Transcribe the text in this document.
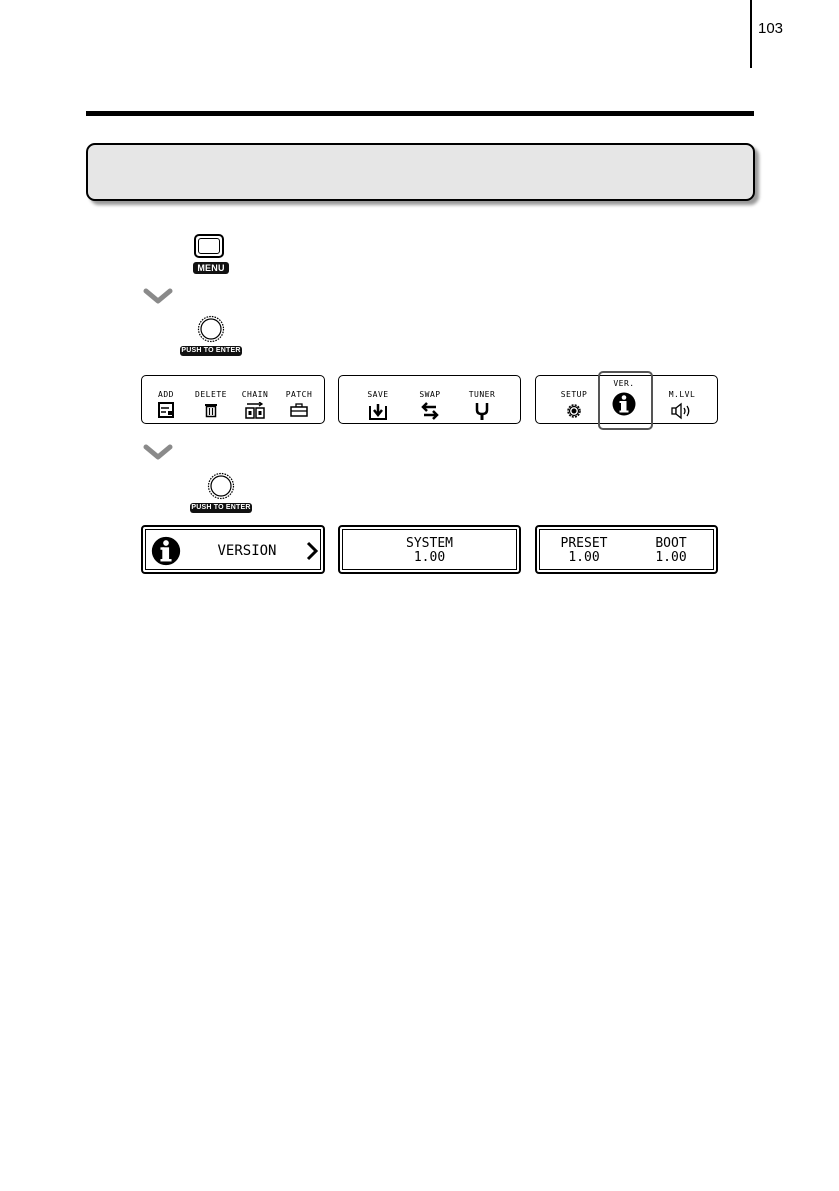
103
MENU
PUSH TO ENTER
ADD	DELETE	CHAIN	PATCH	SAVE	SWAP	TUNER	SETUP
VER.
M.LVL
PUSH TO ENTER
VERSION	SYSTEM
1.00
PRESET
1.00
BOOT
1.00
